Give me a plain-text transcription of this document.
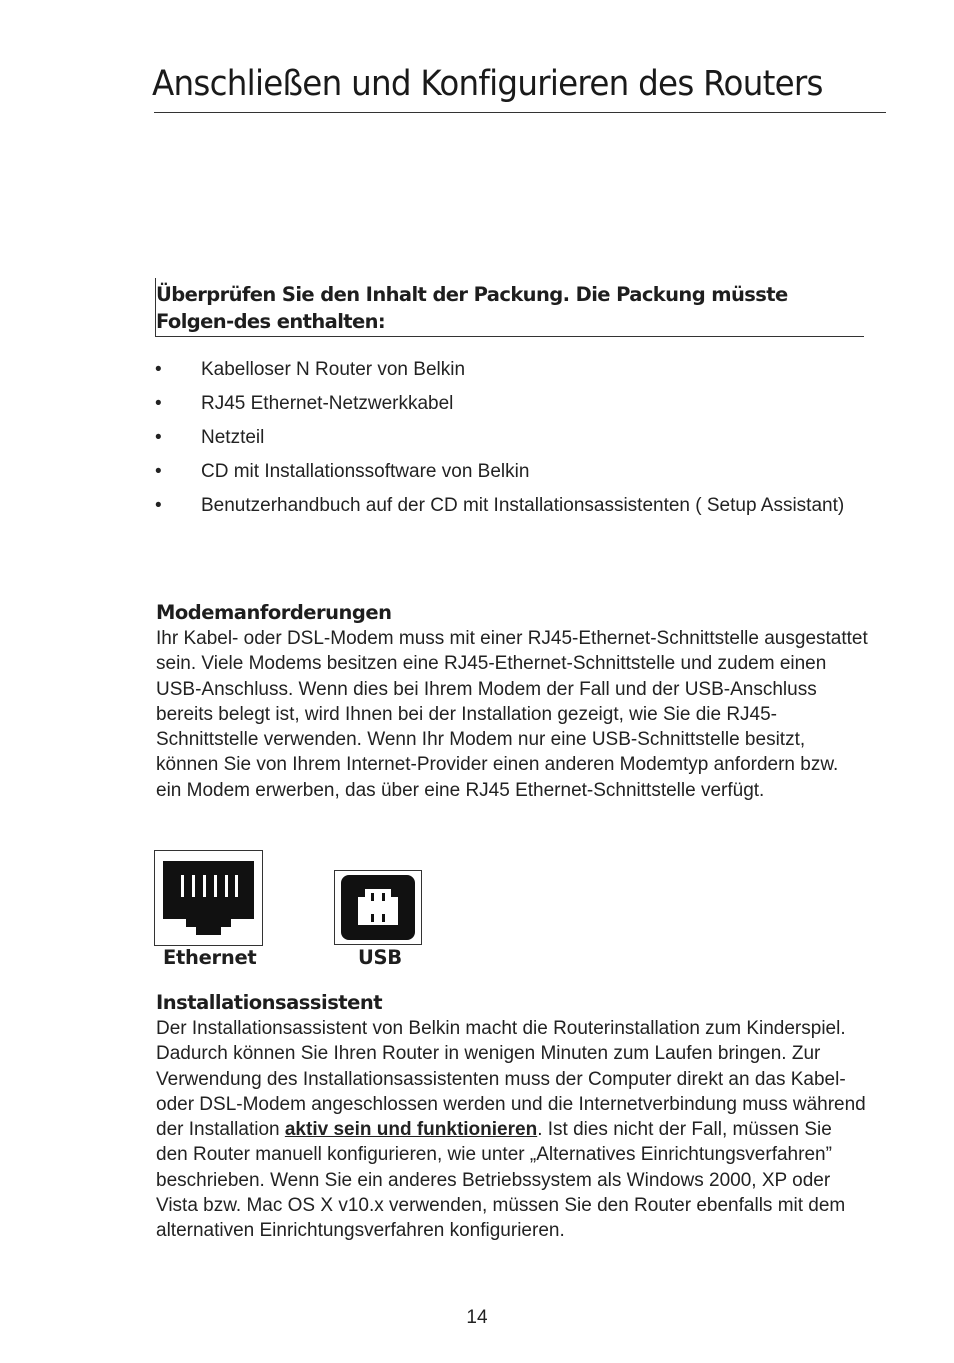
Anschließen und Konfigurieren des Routers
Überprüfen Sie den Inhalt der Packung. Die Packung müsste Folgen-des enthalten:
•	Kabelloser N Router von Belkin
•	RJ45 Ethernet-Netzwerkkabel
•	Netzteil
•	CD mit Installationssoftware von Belkin
•	Benutzerhandbuch auf der CD mit Installationsassistenten ( Setup Assistant)
Modemanforderungen

Ihr Kabel- oder DSL-Modem muss mit einer RJ45-Ethernet-Schnittstelle ausgestattet sein. Viele Modems besitzen eine RJ45-Ethernet-Schnittstelle und zudem einen USB-Anschluss. Wenn dies bei Ihrem Modem der Fall und der USB-Anschluss bereits belegt ist, wird Ihnen bei der Installation gezeigt, wie Sie die RJ45-Schnittstelle verwenden. Wenn Ihr Modem nur eine USB-Schnittstelle besitzt, können Sie von Ihrem Internet-Provider einen anderen Modemtyp anfordern bzw. ein Modem erwerben, das über eine RJ45 Ethernet-Schnittstelle verfügt.

Ethernet	USB
Installationsassistent

Der Installationsassistent von Belkin macht die Routerinstallation zum Kinderspiel. Dadurch können Sie Ihren Router in wenigen Minuten zum Laufen bringen. Zur Verwendung des Installationsassistenten muss der Computer direkt an das Kabel- oder DSL-Modem angeschlossen werden und die Internetverbindung muss während der Installation aktiv sein und funktionieren. Ist dies nicht der Fall, müssen Sie den Router manuell konfigurieren, wie unter „Alternatives Einrichtungsverfahren” beschrieben. Wenn Sie ein anderes Betriebssystem als Windows 2000, XP oder Vista bzw. Mac OS X v10.x verwenden, müssen Sie den Router ebenfalls mit dem alternativen Einrichtungsverfahren konfigurieren.

14
